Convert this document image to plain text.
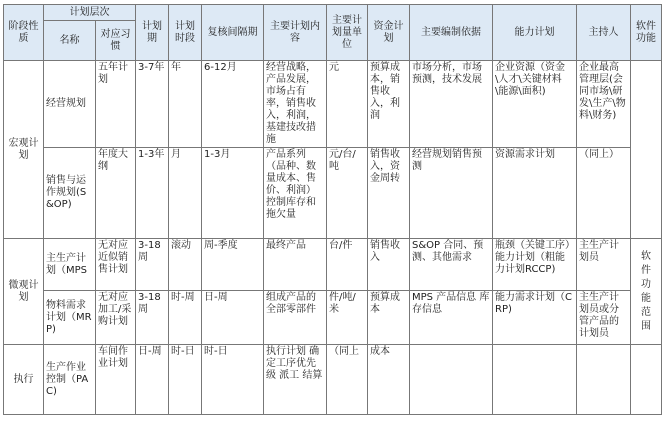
阶段性质	计划层次		计划期	计划时段	复核间隔期	主要计划内容	主要计划量单位	资金计划	主要编制依据	能力计划	主持人	软件功能
	名称	对应习惯										
宏观计划	经营规划	五年计划	3-7年	年	6-12月	经营战略，产品发展，市场占有率，销售收入，利润，基建技改措施	元	预算成本，销售收入，利润	市场分析，市场预测，技术发展	企业资源（资金\人才\关键材料\能源\面积)	企业最高管理层(会同市场\研发\生产\物料\财务)	
	销售与运作规划(S&OP)	年度大纲	1-3年	月	1-3月	产品系列（品种、数量成本、售价、利润）控制库存和拖欠量	元/台/吨	销售收入，资金周转	经营规划销售预测	资源需求计划	（同上）	
微观计划	主生产计划（MPS	无对应近似销售计划	3-18周	滚动	周-季度	最终产品	台/件	销售收入	S&OP 合同、预测、其他需求	瓶颈（关键工序）能力计划（粗能力计划RCCP)	主生产计划员	软件功能范围
	物料需求计划（MRP)	无对应加工/采购计划	3-18周	时-周	日-周	组成产品的全部零部件	件/吨/米	预算成本	MPS 产品信息 库存信息	能力需求计划（CRP)	主生产计划员或分管产品的计划员	
执行	生产作业控制（PAC)	车间作业计划	日-周	时-日	时-日	执行计划 确定工序优先级 派工 结算	（同上	成本				
